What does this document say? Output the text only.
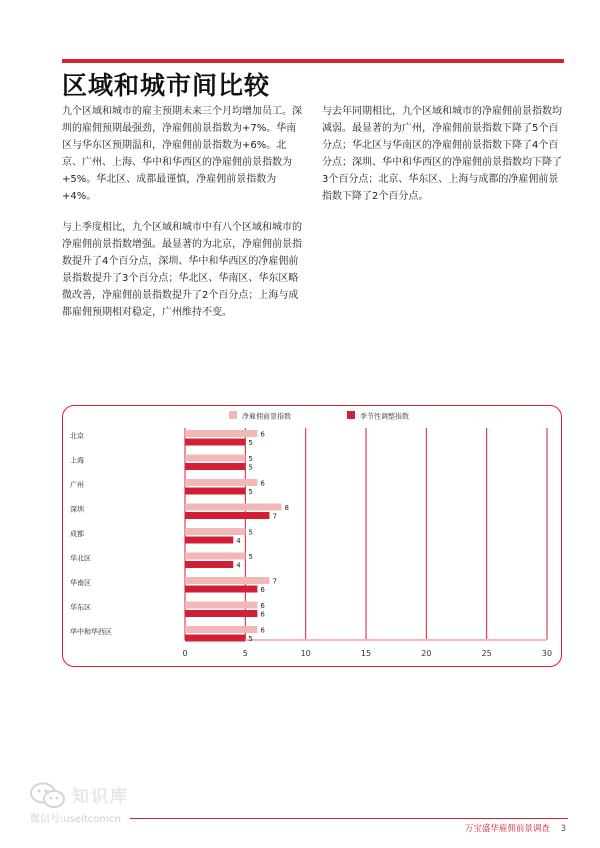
区域和城市间比较

九个区域和城市的雇主预期未来三个月均增加员工。深圳的雇佣预期最强劲，净雇佣前景指数为+7%。华南区与华东区预期温和，净雇佣前景指数为+6%。北京、广州、上海、华中和华西区的净雇佣前景指数为+5%。华北区、成都最谨慎，净雇佣前景指数为+4%。

与上季度相比，九个区域和城市中有八个区域和城市的净雇佣前景指数增强。最显著的为北京，净雇佣前景指数提升了4个百分点，深圳、华中和华西区的净雇佣前景指数提升了3个百分点；华北区、华南区、华东区略微改善，净雇佣前景指数提升了2个百分点；上海与成都雇佣预期相对稳定，广州维持不变。

与去年同期相比，九个区域和城市的净雇佣前景指数均减弱。最显著的为广州，净雇佣前景指数下降了5个百分点；华北区与华南区的净雇佣前景指数下降了4个百分点；深圳、华中和华西区的净雇佣前景指数均下降了3个百分点；北京、华东区、上海与成都的净雇佣前景指数下降了2个百分点。

净雇佣前景指数	季节性调整指数
0	5	10	15	20	25	30
北京	6
5
上海	5
5
广州	6
5
深圳	8
7
成都	5
4
华北区	5
4
华南区	7
6
华东区	6
6
华中和华西区	6
5
知识库
微信号:useitcomcn
万宝盛华雇佣前景调查 3
